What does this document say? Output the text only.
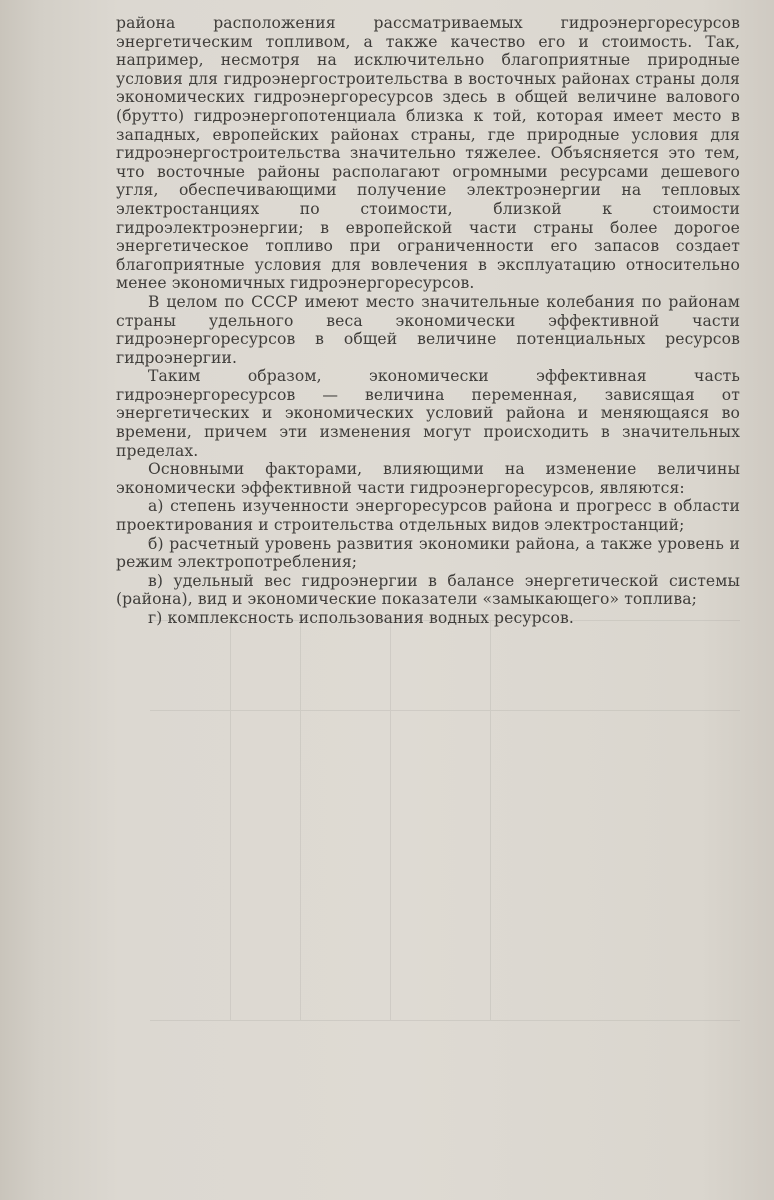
района расположения рассматриваемых гидроэнергоресурсов энергетическим топливом, а также качество его и стоимость. Так, например, несмотря на исключительно благоприятные природные условия для гидроэнергостроительства в восточных районах страны доля экономических гидроэнергоресурсов здесь в общей величине валового (брутто) гидроэнергопотенциала близка к той, которая имеет место в западных, европейских районах страны, где природные условия для гидроэнергостроительства значительно тяжелее. Объясняется это тем, что восточные районы располагают огромными ресурсами дешевого угля, обеспечивающими получение электроэнергии на тепловых электростанциях по стоимости, близкой к стоимости гидроэлектроэнергии; в европейской части страны более дорогое энергетическое топливо при ограниченности его запасов создает благоприятные условия для вовлечения в эксплуатацию относительно менее экономичных гидроэнергоресурсов.

В целом по СССР имеют место значительные колебания по районам страны удельного веса экономически эффективной части гидроэнергоресурсов в общей величине потенциальных ресурсов гидроэнергии.

Таким образом, экономически эффективная часть гидроэнергоресурсов — величина переменная, зависящая от энергетических и экономических условий района и меняющаяся во времени, причем эти изменения могут происходить в значительных пределах.

Основными факторами, влияющими на изменение величины экономически эффективной части гидроэнергоресурсов, являются:

а) степень изученности энергоресурсов района и прогресс в области проектирования и строительства отдельных видов электростанций;

б) расчетный уровень развития экономики района, а также уровень и режим электропотребления;

в) удельный вес гидроэнергии в балансе энергетической системы (района), вид и экономические показатели «замыкающего» топлива;

г) комплексность использования водных ресурсов.
